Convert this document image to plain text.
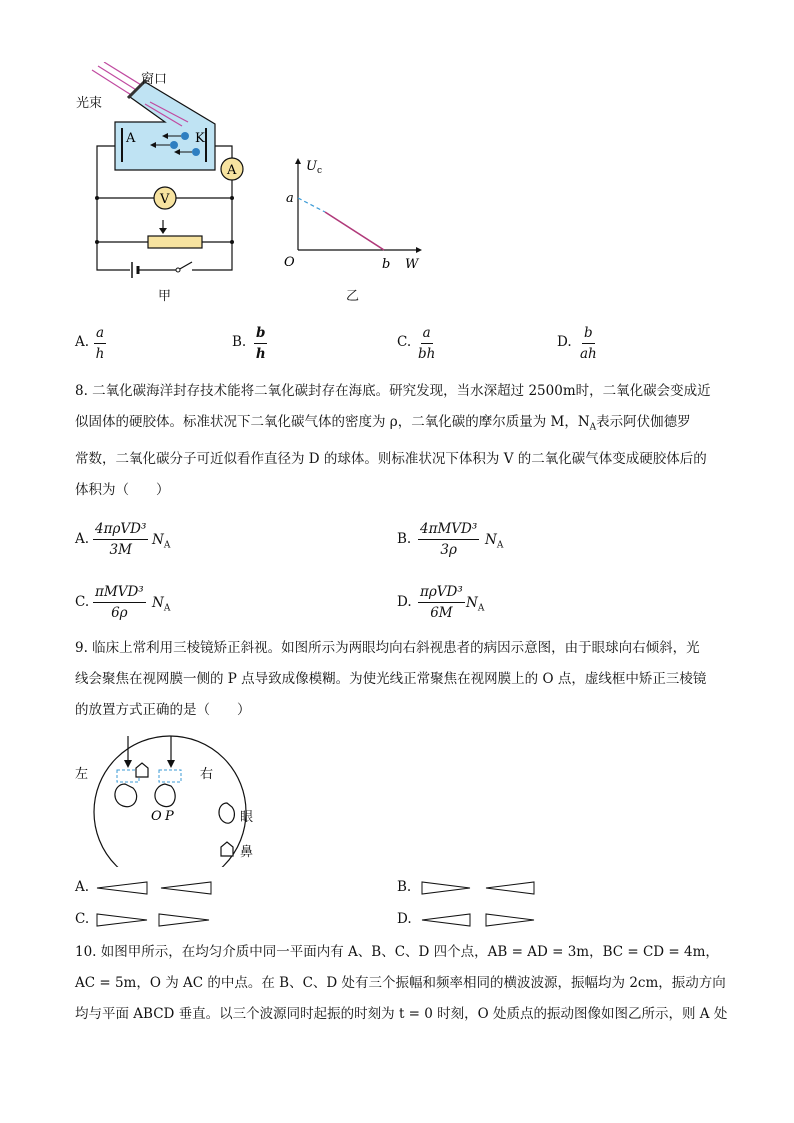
A	K
A
V
光束
窗口
甲
$U_c$
W
O
a
b
乙
A. $\frac{a}{h}$	B. $\frac{b}{h}$	C. $\frac{a}{bh}$	D. $\frac{b}{ah}$
8. 二氧化碳海洋封存技术能将二氧化碳封存在海底。研究发现，当水深超过 2500m时，二氧化碳会变成近
似固体的硬胶体。标准状况下二氧化碳气体的密度为 ρ，二氧化碳的摩尔质量为 M，$N_A$表示阿伏伽德罗
常数，二氧化碳分子可近似看作直径为 D 的球体。则标准状况下体积为 V 的二氧化碳气体变成硬胶体后的
体积为（　　）
A.
4πρVD³
3M
$N_A$	B.
4πMVD³
3ρ
$N_A$
C.
πMVD³
6ρ
$N_A$	D.
πρVD³
6M
$N_A$
9. 临床上常利用三棱镜矫正斜视。如图所示为两眼均向右斜视患者的病因示意图，由于眼球向右倾斜，光
线会聚焦在视网膜一侧的 P 点导致成像模糊。为使光线正常聚焦在视网膜上的 O 点，虚线框中矫正三棱镜
的放置方式正确的是（　　）
O P
左	右
眼
鼻
A.	B.
C.	D.
10. 如图甲所示，在均匀介质中同一平面内有 A、B、C、D 四个点，AB = AD = 3m，BC = CD = 4m，
AC = 5m，O 为 AC 的中点。在 B、C、D 处有三个振幅和频率相同的横波波源，振幅均为 2cm，振动方向
均与平面 ABCD 垂直。以三个波源同时起振的时刻为 t = 0 时刻，O 处质点的振动图像如图乙所示，则 A 处
